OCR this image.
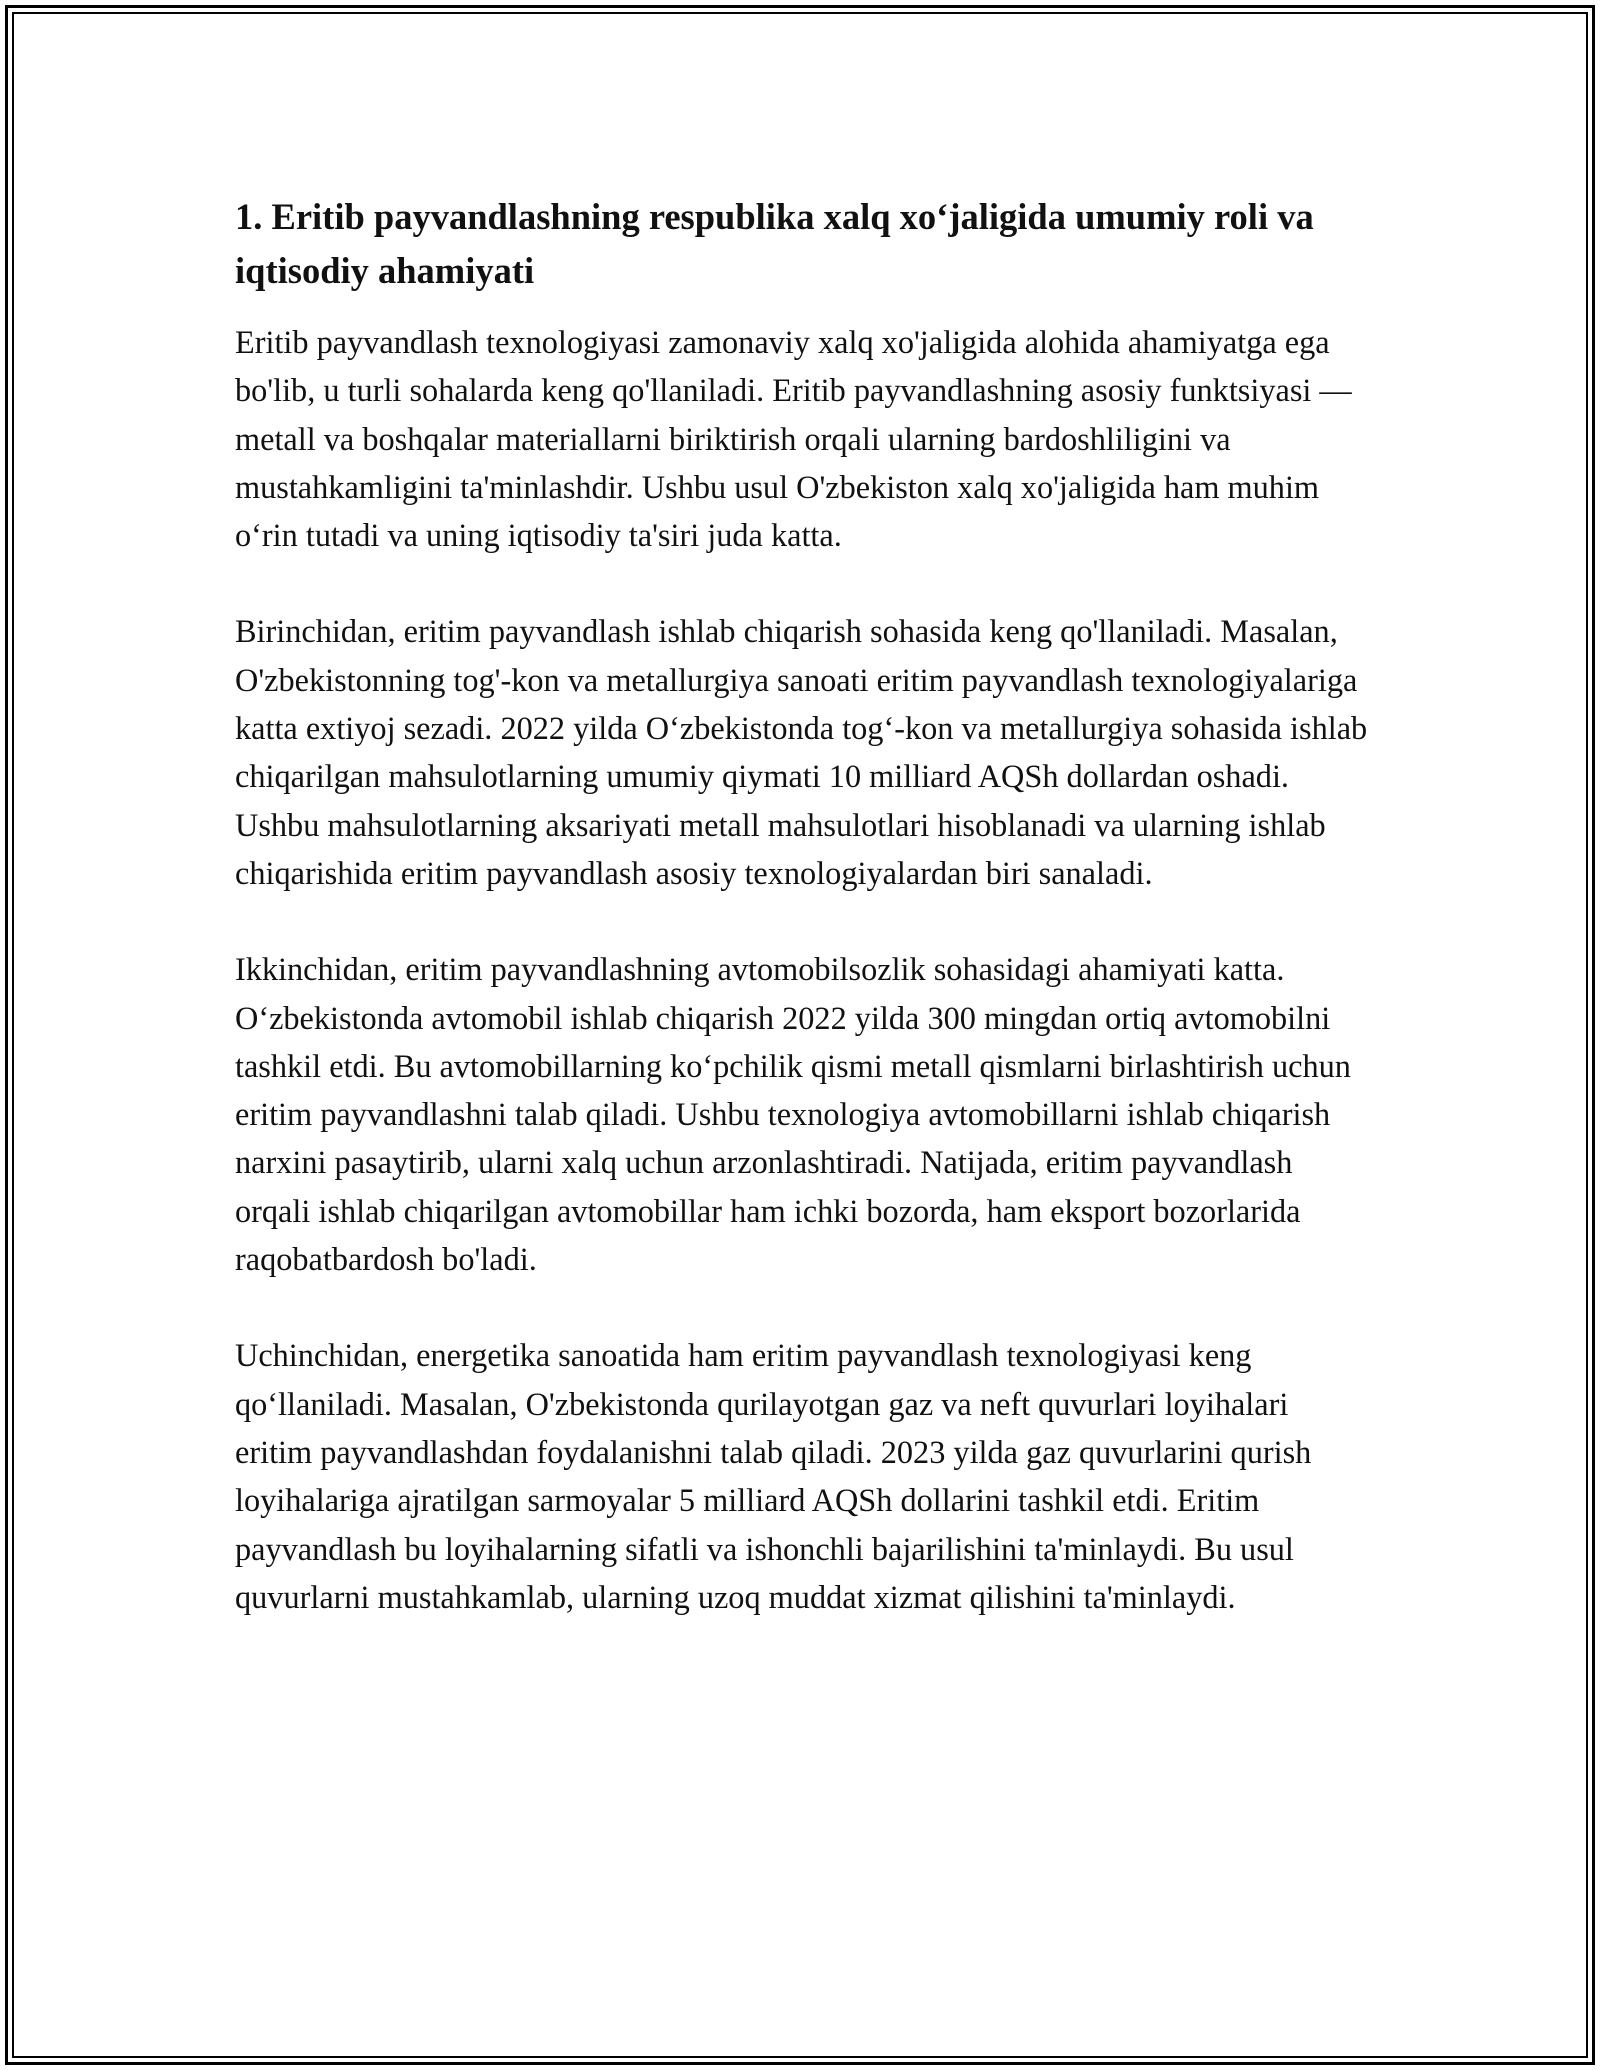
1. Eritib payvandlashning respublika xalq xo‘jaligida umumiy roli va iqtisodiy ahamiyati

Eritib payvandlash texnologiyasi zamonaviy xalq xo'jaligida alohida ahamiyatga ega bo'lib, u turli sohalarda keng qo'llaniladi. Eritib payvandlashning asosiy funktsiyasi — metall va boshqalar materiallarni biriktirish orqali ularning bardoshliligini va mustahkamligini ta'minlashdir. Ushbu usul O'zbekiston xalq xo'jaligida ham muhim o‘rin tutadi va uning iqtisodiy ta'siri juda katta.

Birinchidan, eritim payvandlash ishlab chiqarish sohasida keng qo'llaniladi. Masalan, O'zbekistonning tog'-kon va metallurgiya sanoati eritim payvandlash texnologiyalariga katta extiyoj sezadi. 2022 yilda O‘zbekistonda tog‘-kon va metallurgiya sohasida ishlab chiqarilgan mahsulotlarning umumiy qiymati 10 milliard AQSh dollardan oshadi. Ushbu mahsulotlarning aksariyati metall mahsulotlari hisoblanadi va ularning ishlab chiqarishida eritim payvandlash asosiy texnologiyalardan biri sanaladi.

Ikkinchidan, eritim payvandlashning avtomobilsozlik sohasidagi ahamiyati katta. O‘zbekistonda avtomobil ishlab chiqarish 2022 yilda 300 mingdan ortiq avtomobilni tashkil etdi. Bu avtomobillarning ko‘pchilik qismi metall qismlarni birlashtirish uchun eritim payvandlashni talab qiladi. Ushbu texnologiya avtomobillarni ishlab chiqarish narxini pasaytirib, ularni xalq uchun arzonlashtiradi. Natijada, eritim payvandlash orqali ishlab chiqarilgan avtomobillar ham ichki bozorda, ham eksport bozorlarida raqobatbardosh bo'ladi.

Uchinchidan, energetika sanoatida ham eritim payvandlash texnologiyasi keng qo‘llaniladi. Masalan, O'zbekistonda qurilayotgan gaz va neft quvurlari loyihalari eritim payvandlashdan foydalanishni talab qiladi. 2023 yilda gaz quvurlarini qurish loyihalariga ajratilgan sarmoyalar 5 milliard AQSh dollarini tashkil etdi. Eritim payvandlash bu loyihalarning sifatli va ishonchli bajarilishini ta'minlaydi. Bu usul quvurlarni mustahkamlab, ularning uzoq muddat xizmat qilishini ta'minlaydi.
